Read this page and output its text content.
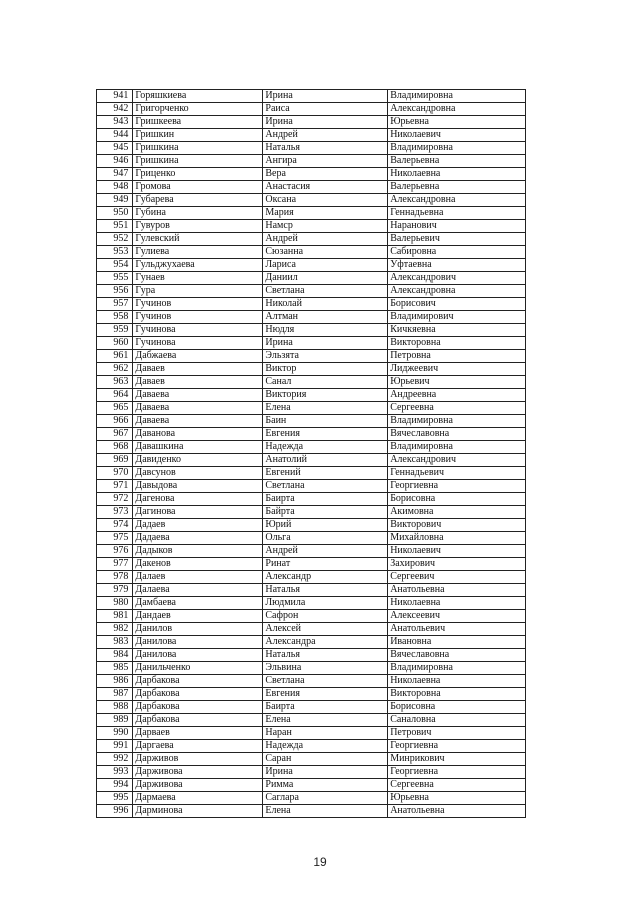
941	Горяшкиева	Ирина	Владимировна
942	Григорченко	Раиса	Александровна
943	Гришкеева	Ирина	Юрьевна
944	Гришкин	Андрей	Николаевич
945	Гришкина	Наталья	Владимировна
946	Гришкина	Ангира	Валерьевна
947	Гриценко	Вера	Николаевна
948	Громова	Анастасия	Валерьевна
949	Губарева	Оксана	Александровна
950	Губина	Мария	Геннадьевна
951	Гувуров	Намср	Наранович
952	Гулевский	Андрей	Валерьевич
953	Гулиева	Сюзанна	Сабировна
954	Гульджухаева	Лариса	Уфтаевна
955	Гунаев	Даниил	Александрович
956	Гура	Светлана	Александровна
957	Гучинов	Николай	Борисович
958	Гучинов	Алтман	Владимирович
959	Гучинова	Нюдля	Кичкяевна
960	Гучинова	Ирина	Викторовна
961	Дабжаева	Эльзята	Петровна
962	Даваев	Виктор	Лиджеевич
963	Даваев	Санал	Юрьевич
964	Даваева	Виктория	Андреевна
965	Даваева	Елена	Сергеевна
966	Даваева	Баин	Владимировна
967	Даванова	Евгения	Вячеславовна
968	Давашкина	Надежда	Владимировна
969	Давиденко	Анатолий	Александрович
970	Давсунов	Евгений	Геннадьевич
971	Давыдова	Светлана	Георгиевна
972	Дагенова	Баирта	Борисовна
973	Дагинова	Байрта	Акимовна
974	Дадаев	Юрий	Викторович
975	Дадаева	Ольга	Михайловна
976	Дадыков	Андрей	Николаевич
977	Дакенов	Ринат	Захирович
978	Далаев	Александр	Сергеевич
979	Далаева	Наталья	Анатольевна
980	Дамбаева	Людмила	Николаевна
981	Дандаев	Сафрон	Алексеевич
982	Данилов	Алексей	Анатольевич
983	Данилова	Александра	Ивановна
984	Данилова	Наталья	Вячеславовна
985	Данильченко	Эльвина	Владимировна
986	Дарбакова	Светлана	Николаевна
987	Дарбакова	Евгения	Викторовна
988	Дарбакова	Баирта	Борисовна
989	Дарбакова	Елена	Саналовна
990	Дарваев	Наран	Петрович
991	Даргаева	Надежда	Георгиевна
992	Дарживов	Саран	Минрикович
993	Дарживова	Ирина	Георгиевна
994	Дарживова	Римма	Сергеевна
995	Дармаева	Саглара	Юрьевна
996	Дарминова	Елена	Анатольевна
19
